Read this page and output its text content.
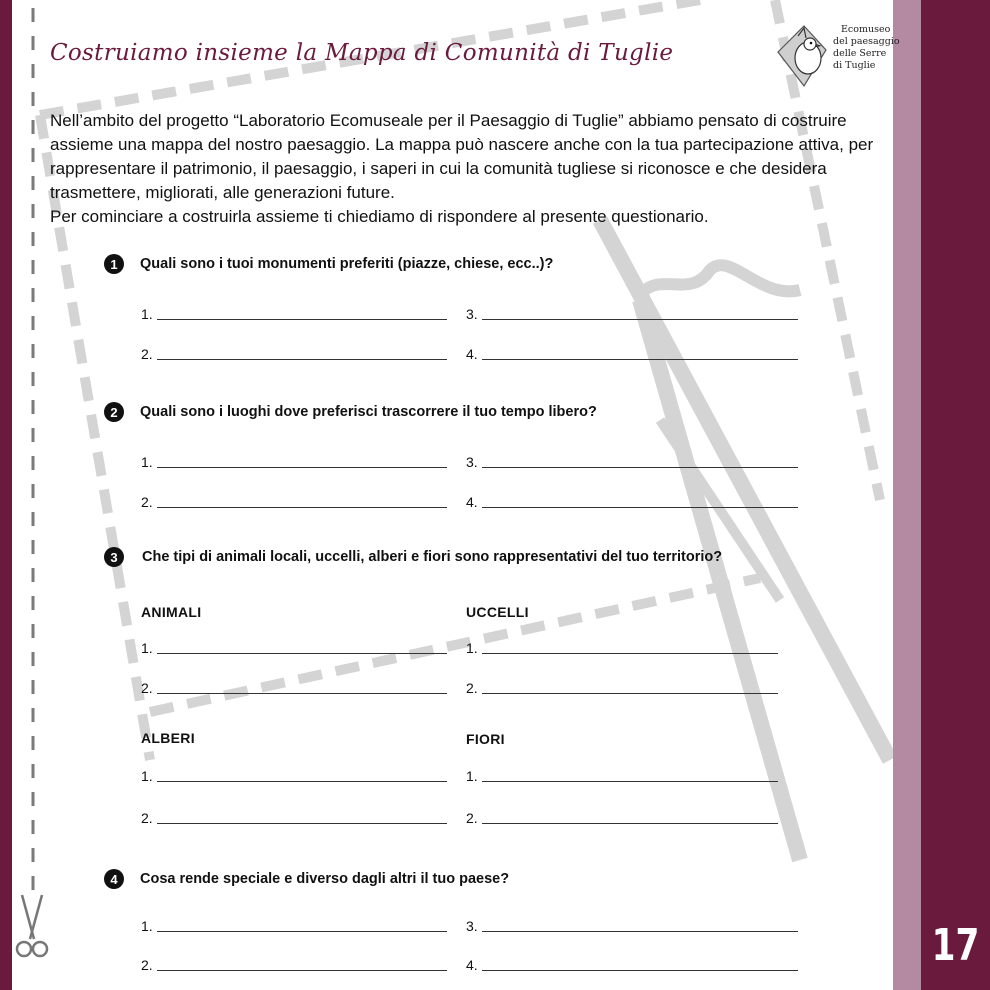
Costruiamo insieme la Mappa di Comunità di Tuglie
Ecomuseo
del paesaggio
delle Serre
di Tuglie

Nell’ambito del progetto “Laboratorio Ecomuseale per il Paesaggio di Tuglie” abbiamo pensato di costruire assieme una mappa del nostro paesaggio. La mappa può nascere anche con la tua partecipazione attiva, per rappresentare il patrimonio, il paesaggio, i saperi in cui la comunità tugliese si riconosce e che desidera trasmettere, migliorati, alle generazioni future.

Per cominciare a costruirla assieme ti chiediamo di rispondere al presente questionario.

1	Quali sono i tuoi monumenti preferiti (piazze, chiese, ecc..)?
1.	3.
2.	4.
2	Quali sono i luoghi dove preferisci trascorrere il tuo tempo libero?
1.	3.
2.	4.
3	Che tipi di animali locali, uccelli, alberi e fiori sono rappresentativi del tuo territorio?
ANIMALI	UCCELLI
1.	1.
2.	2.
ALBERI	FIORI
1.	1.
2.	2.
4	Cosa rende speciale e diverso dagli altri il tuo paese?
1.	3.
2.	4.	17
